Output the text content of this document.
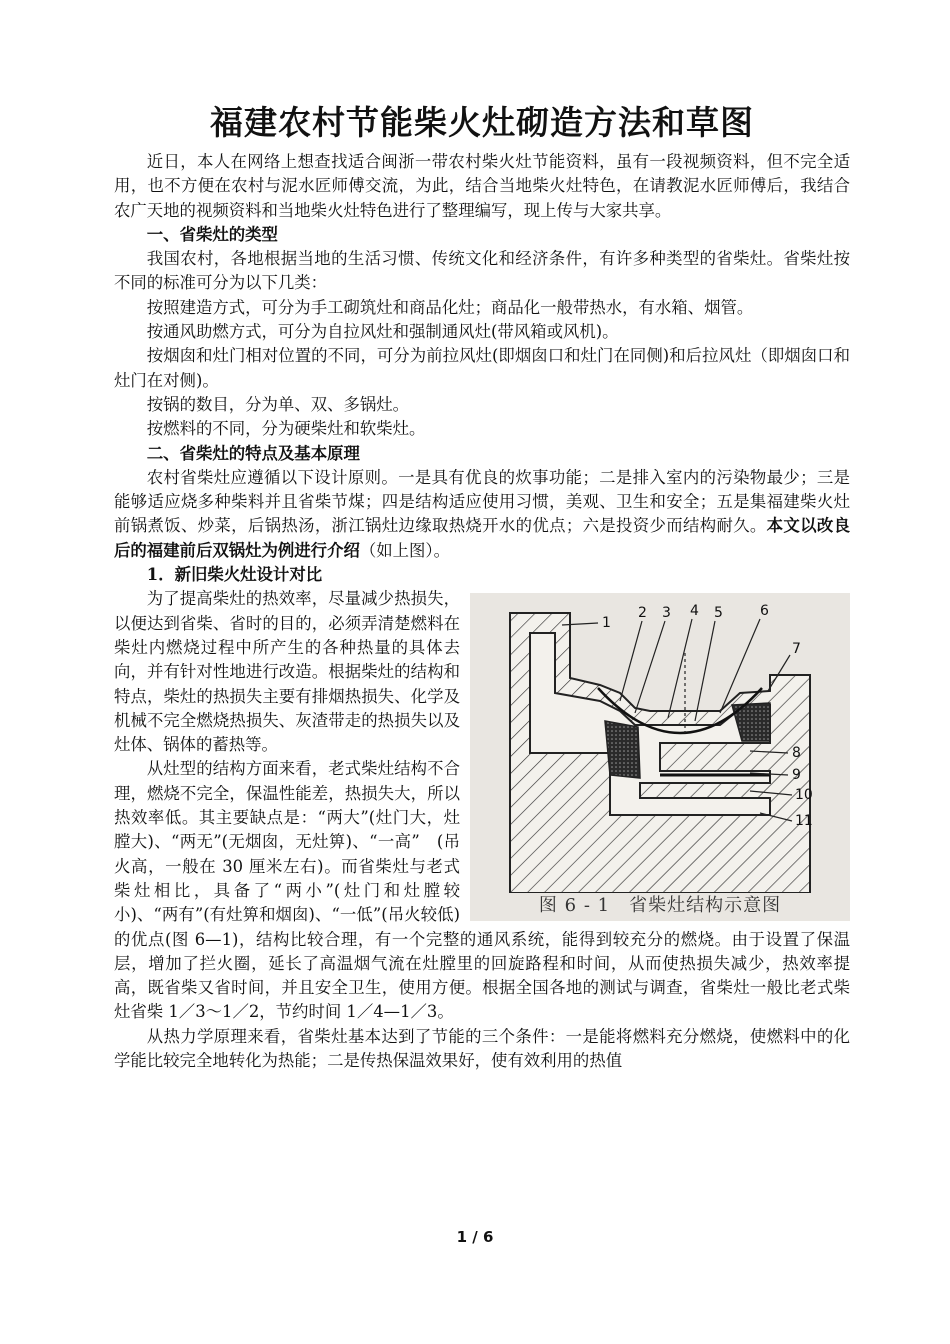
福建农村节能柴火灶砌造方法和草图

近日，本人在网络上想查找适合闽浙一带农村柴火灶节能资料，虽有一段视频资料，但不完全适用，也不方便在农村与泥水匠师傅交流，为此，结合当地柴火灶特色，在请教泥水匠师傅后，我结合农广天地的视频资料和当地柴火灶特色进行了整理编写，现上传与大家共享。

一、省柴灶的类型

我国农村，各地根据当地的生活习惯、传统文化和经济条件，有许多种类型的省柴灶。省柴灶按不同的标准可分为以下几类：

按照建造方式，可分为手工砌筑灶和商品化灶；商品化一般带热水，有水箱、烟管。

按通风助燃方式，可分为自拉风灶和强制通风灶(带风箱或风机)。

按烟囱和灶门相对位置的不同，可分为前拉风灶(即烟囱口和灶门在同侧)和后拉风灶（即烟囱口和灶门在对侧)。

按锅的数目，分为单、双、多锅灶。

按燃料的不同，分为硬柴灶和软柴灶。

二、省柴灶的特点及基本原理

农村省柴灶应遵循以下设计原则。一是具有优良的炊事功能；二是排入室内的污染物最少；三是能够适应烧多种柴料并且省柴节煤；四是结构适应使用习惯，美观、卫生和安全；五是集福建柴火灶前锅煮饭、炒菜，后锅热汤，浙江锅灶边缘取热烧开水的优点；六是投资少而结构耐久。本文以改良后的福建前后双锅灶为例进行介绍（如上图）。

1．新旧柴火灶设计对比

1
2 3 4 5	6
7
8
9
10
11
图 6 - 1　省柴灶结构示意图

为了提高柴灶的热效率，尽量减少热损失，以便达到省柴、省时的目的，必须弄清楚燃料在柴灶内燃烧过程中所产生的各种热量的具体去向，并有针对性地进行改造。根据柴灶的结构和特点，柴灶的热损失主要有排烟热损失、化学及机械不完全燃烧热损失、灰渣带走的热损失以及灶体、锅体的蓄热等。

从灶型的结构方面来看，老式柴灶结构不合理，燃烧不完全，保温性能差，热损失大，所以热效率低。其主要缺点是：“两大”(灶门大，灶膛大)、“两无”(无烟囱，无灶箅)、“一高”　(吊火高，一般在 30 厘米左右)。而省柴灶与老式柴灶相比，具备了“两小”(灶门和灶膛较小)、“两有”(有灶箅和烟囱)、“一低”(吊火较低)的优点(图 6—1)，结构比较合理，有一个完整的通风系统，能得到较充分的燃烧。由于设置了保温层，增加了拦火圈，延长了高温烟气流在灶膛里的回旋路程和时间，从而使热损失减少，热效率提高，既省柴又省时间，并且安全卫生，使用方便。根据全国各地的测试与调查，省柴灶一般比老式柴灶省柴 1／3～1／2，节约时间 1／4—1／3。

从热力学原理来看，省柴灶基本达到了节能的三个条件：一是能将燃料充分燃烧，使燃料中的化学能比较完全地转化为热能；二是传热保温效果好，使有效利用的热值

1 / 6
